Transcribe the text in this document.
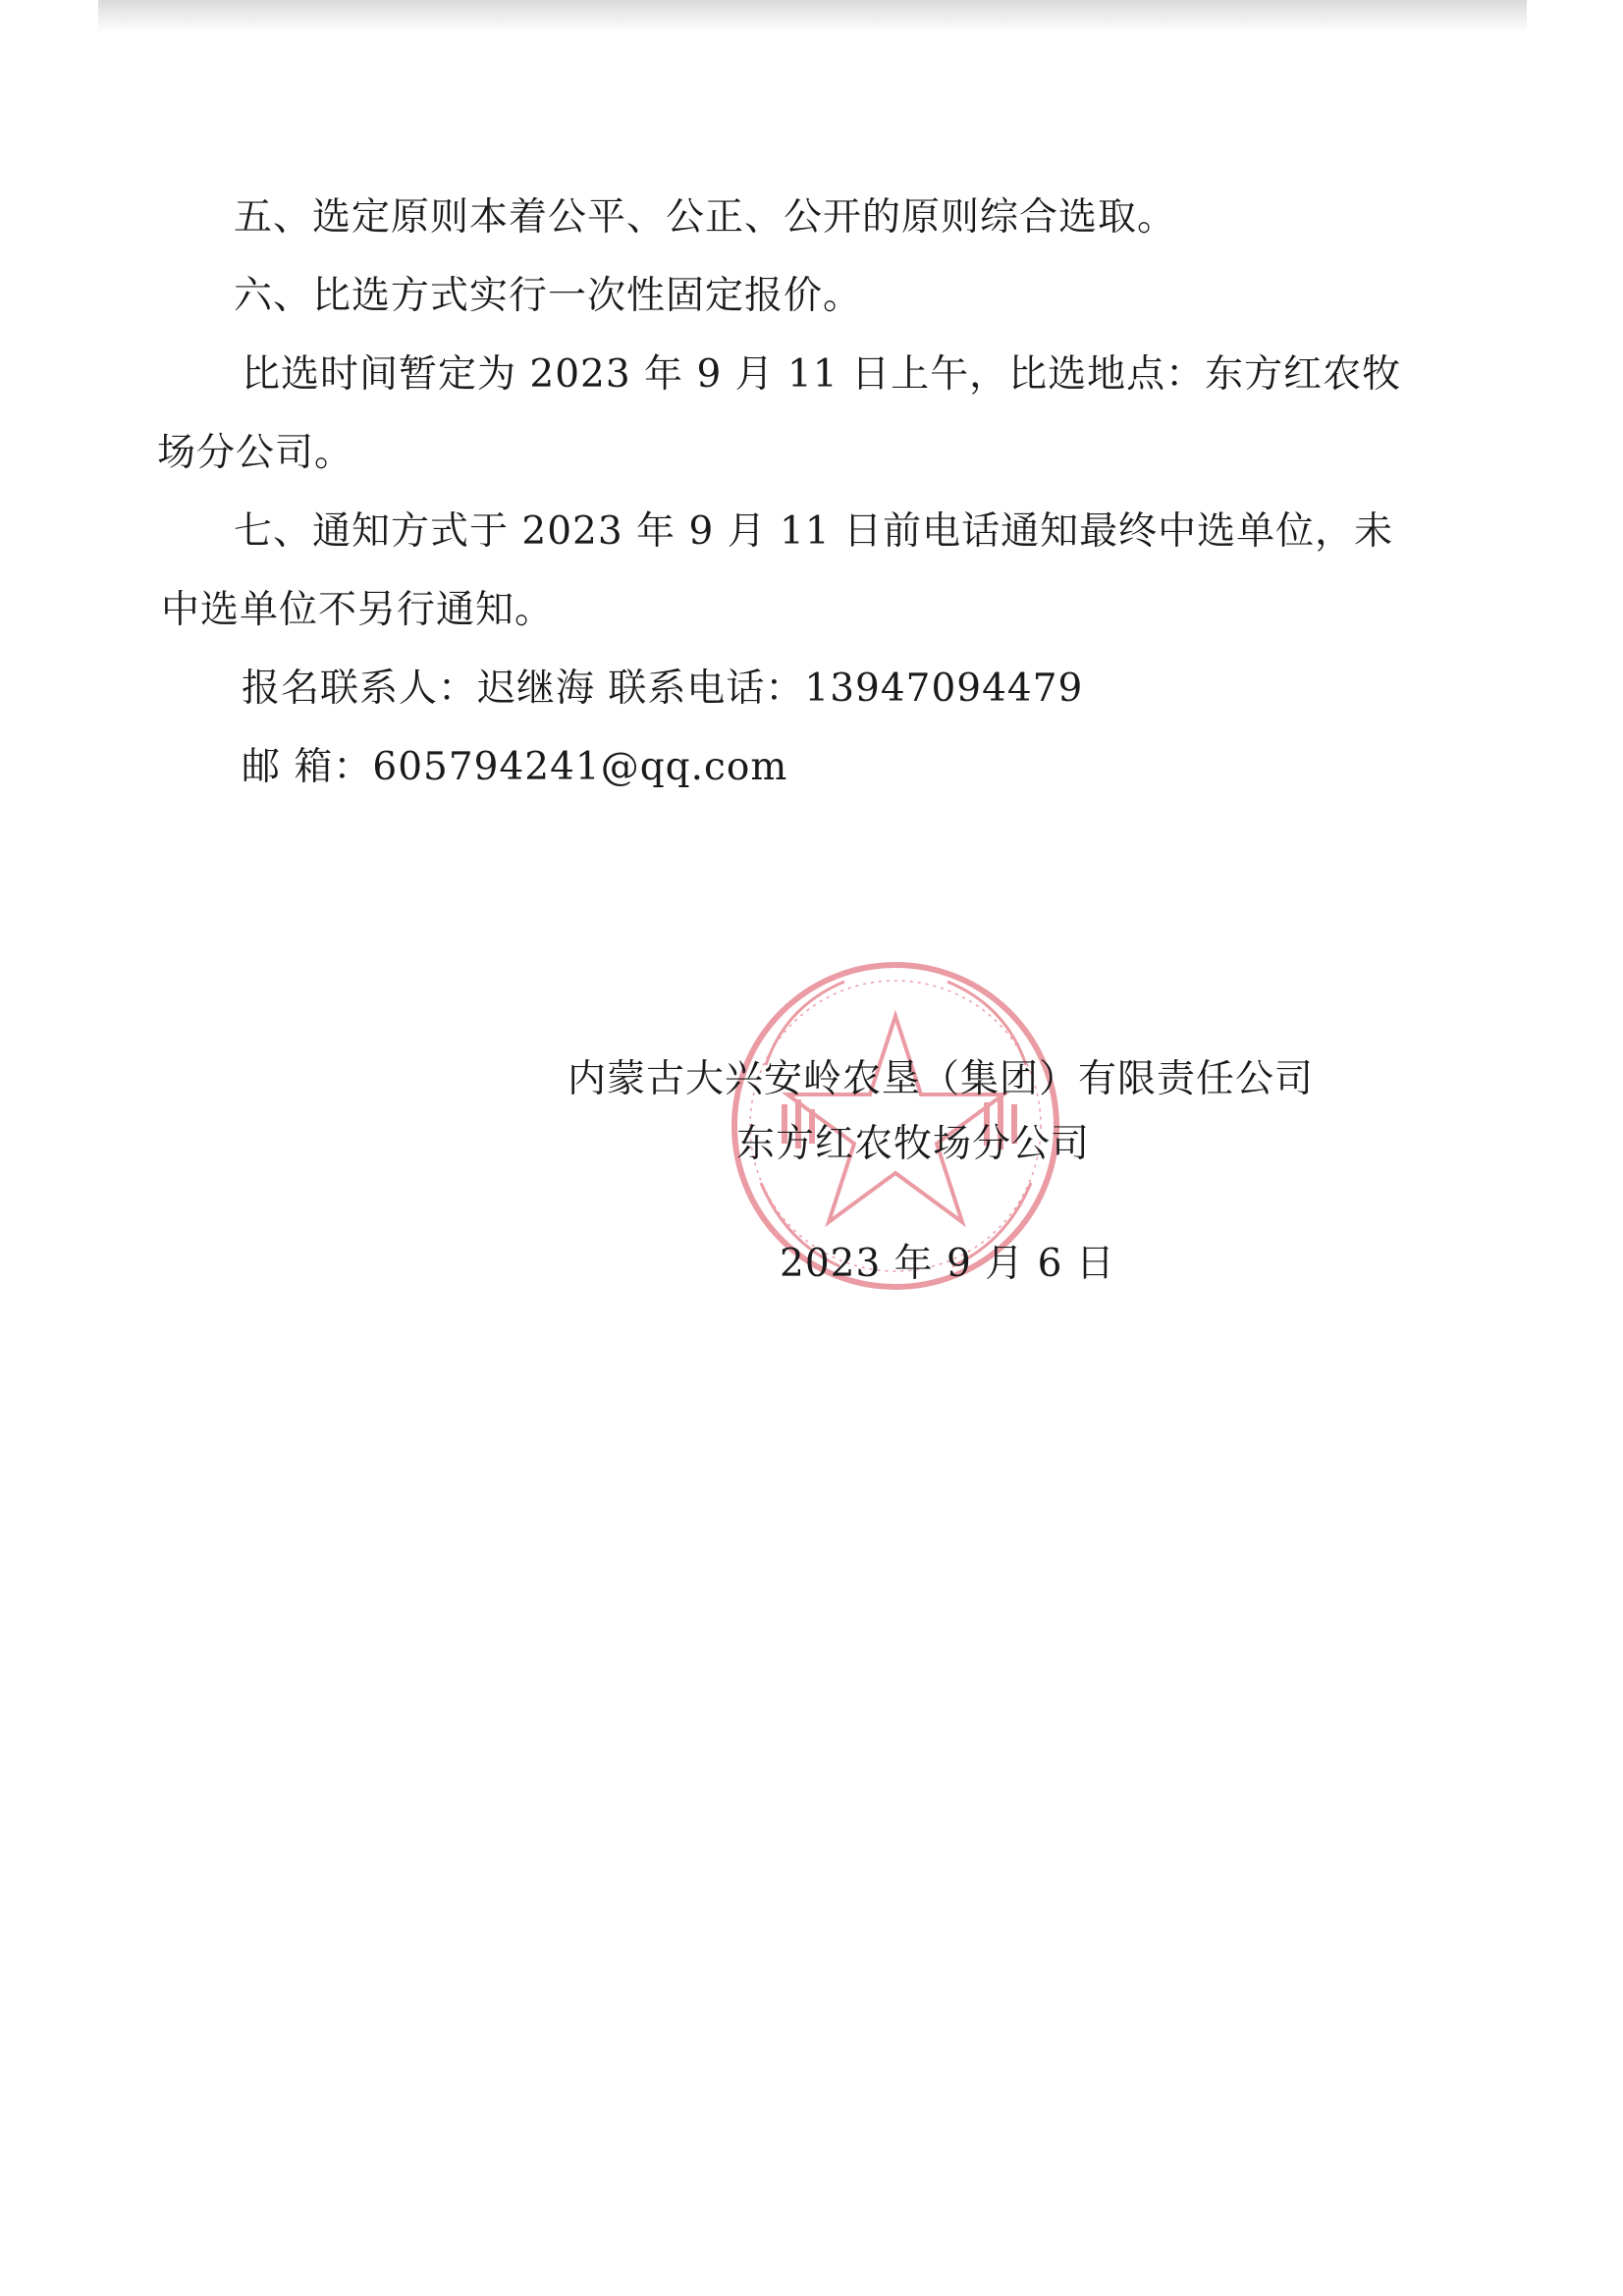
五、选定原则本着公平、公正、公开的原则综合选取。
六、比选方式实行一次性固定报价。
比选时间暂定为 2023 年 9 月 11 日上午，比选地点：东方红农牧
场分公司。
七、通知方式于 2023 年 9 月 11 日前电话通知最终中选单位，未
中选单位不另行通知。
报名联系人：迟继海 联系电话：13947094479
邮 箱：605794241@qq.com
内蒙古大兴安岭农垦（集团）有限责任公司
东方红农牧场分公司
2023 年 9 月 6 日
